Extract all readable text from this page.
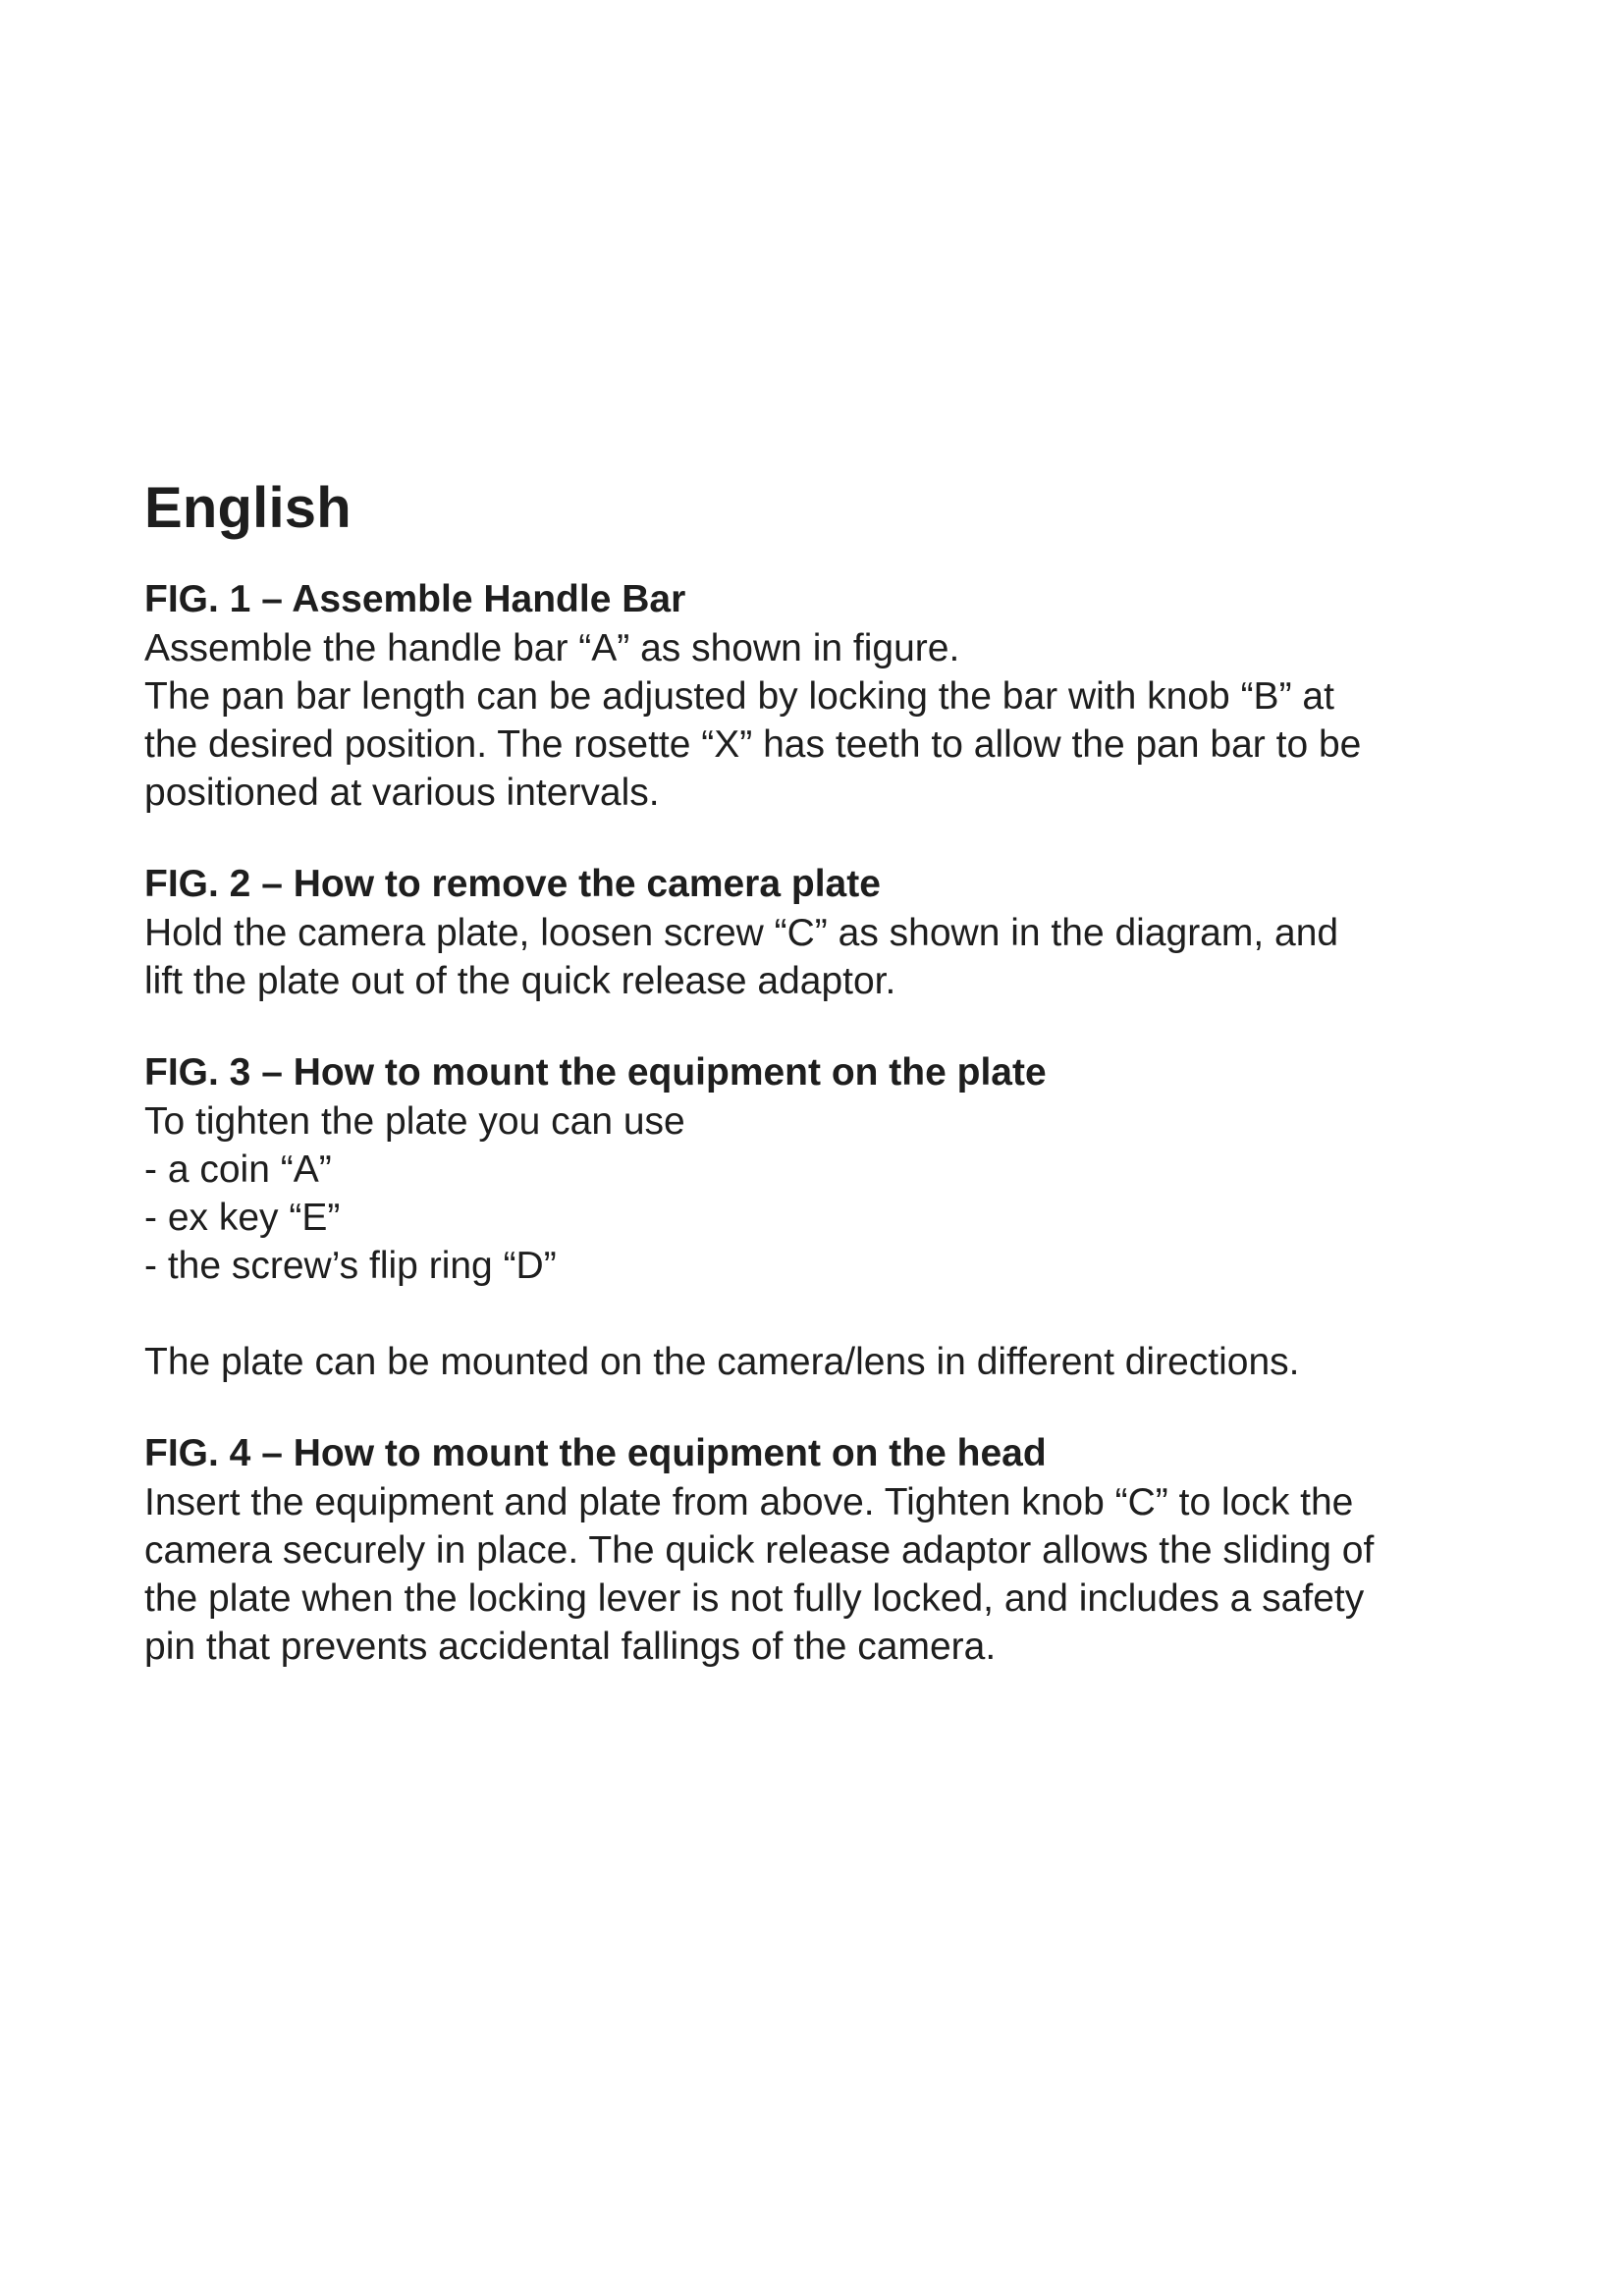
English
FIG. 1 – Assemble Handle Bar

Assemble the handle bar “A” as shown in figure.

The pan bar length can be adjusted by locking the bar with knob “B” at

the desired position. The rosette “X” has teeth to allow the pan bar to be

positioned at various intervals.

FIG. 2 – How to remove the camera plate

Hold the camera plate, loosen screw “C” as shown in the diagram, and

lift the plate out of the quick release adaptor.

FIG. 3 – How to mount the equipment on the plate

To tighten the plate you can use

- a coin “A”

- ex key “E”

- the screw’s flip ring “D”

The plate can be mounted on the camera/lens in different directions.

FIG. 4 – How to mount the equipment on the head

Insert the equipment and plate from above. Tighten knob “C” to lock the

camera securely in place. The quick release adaptor allows the sliding of

the plate when the locking lever is not fully locked, and includes a safety

pin that prevents accidental fallings of the camera.
